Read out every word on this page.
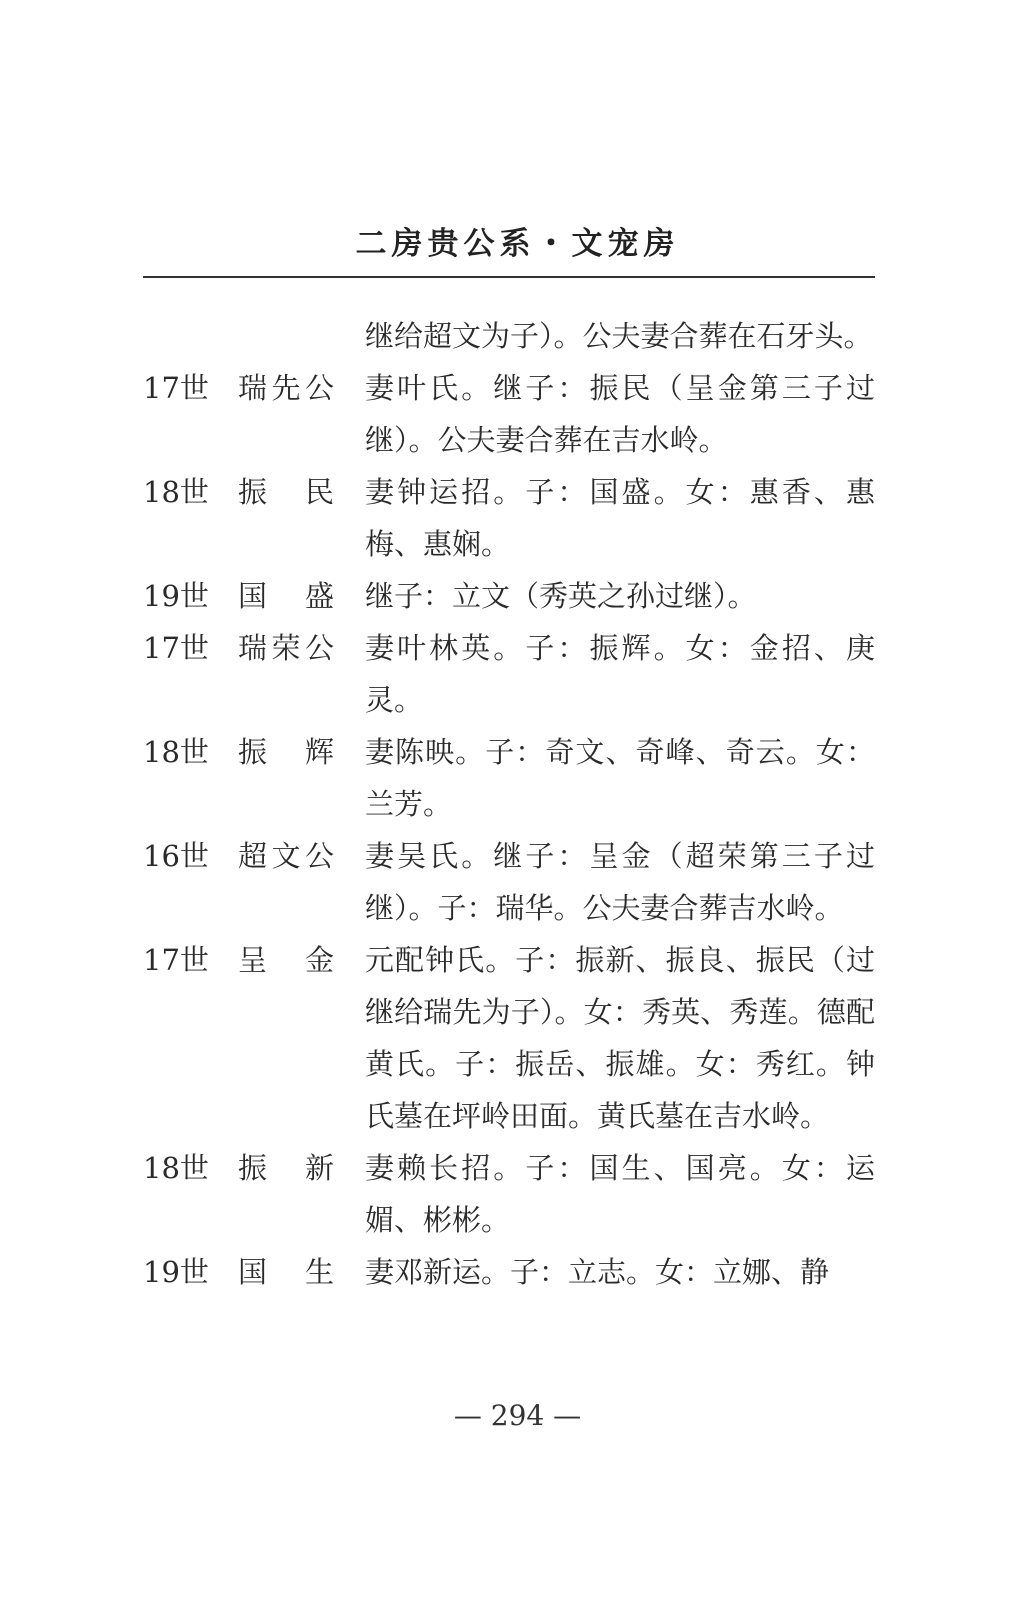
二房贵公系・文宠房
继给超文为子）。公夫妻合葬在石牙头。
17世	瑞先公 妻叶氏。继子：振民（呈金第三子过继）。公夫妻合葬在吉水岭。
18世	振民 妻钟运招。子：国盛。女：惠香、惠梅、惠娴。
19世	国盛 继子：立文（秀英之孙过继）。
17世	瑞荣公 妻叶林英。子：振辉。女：金招、庚灵。
18世	振辉 妻陈映。子：奇文、奇峰、奇云。女：兰芳。
16世	超文公 妻吴氏。继子：呈金（超荣第三子过继）。子：瑞华。公夫妻合葬吉水岭。
17世	呈金 元配钟氏。子：振新、振良、振民（过继给瑞先为子）。女：秀英、秀莲。德配黄氏。子：振岳、振雄。女：秀红。钟氏墓在坪岭田面。黄氏墓在吉水岭。
18世	振新 妻赖长招。子：国生、国亮。女：运媚、彬彬。
19世	国生 妻邓新运。子：立志。女：立娜、静
— 294 —
